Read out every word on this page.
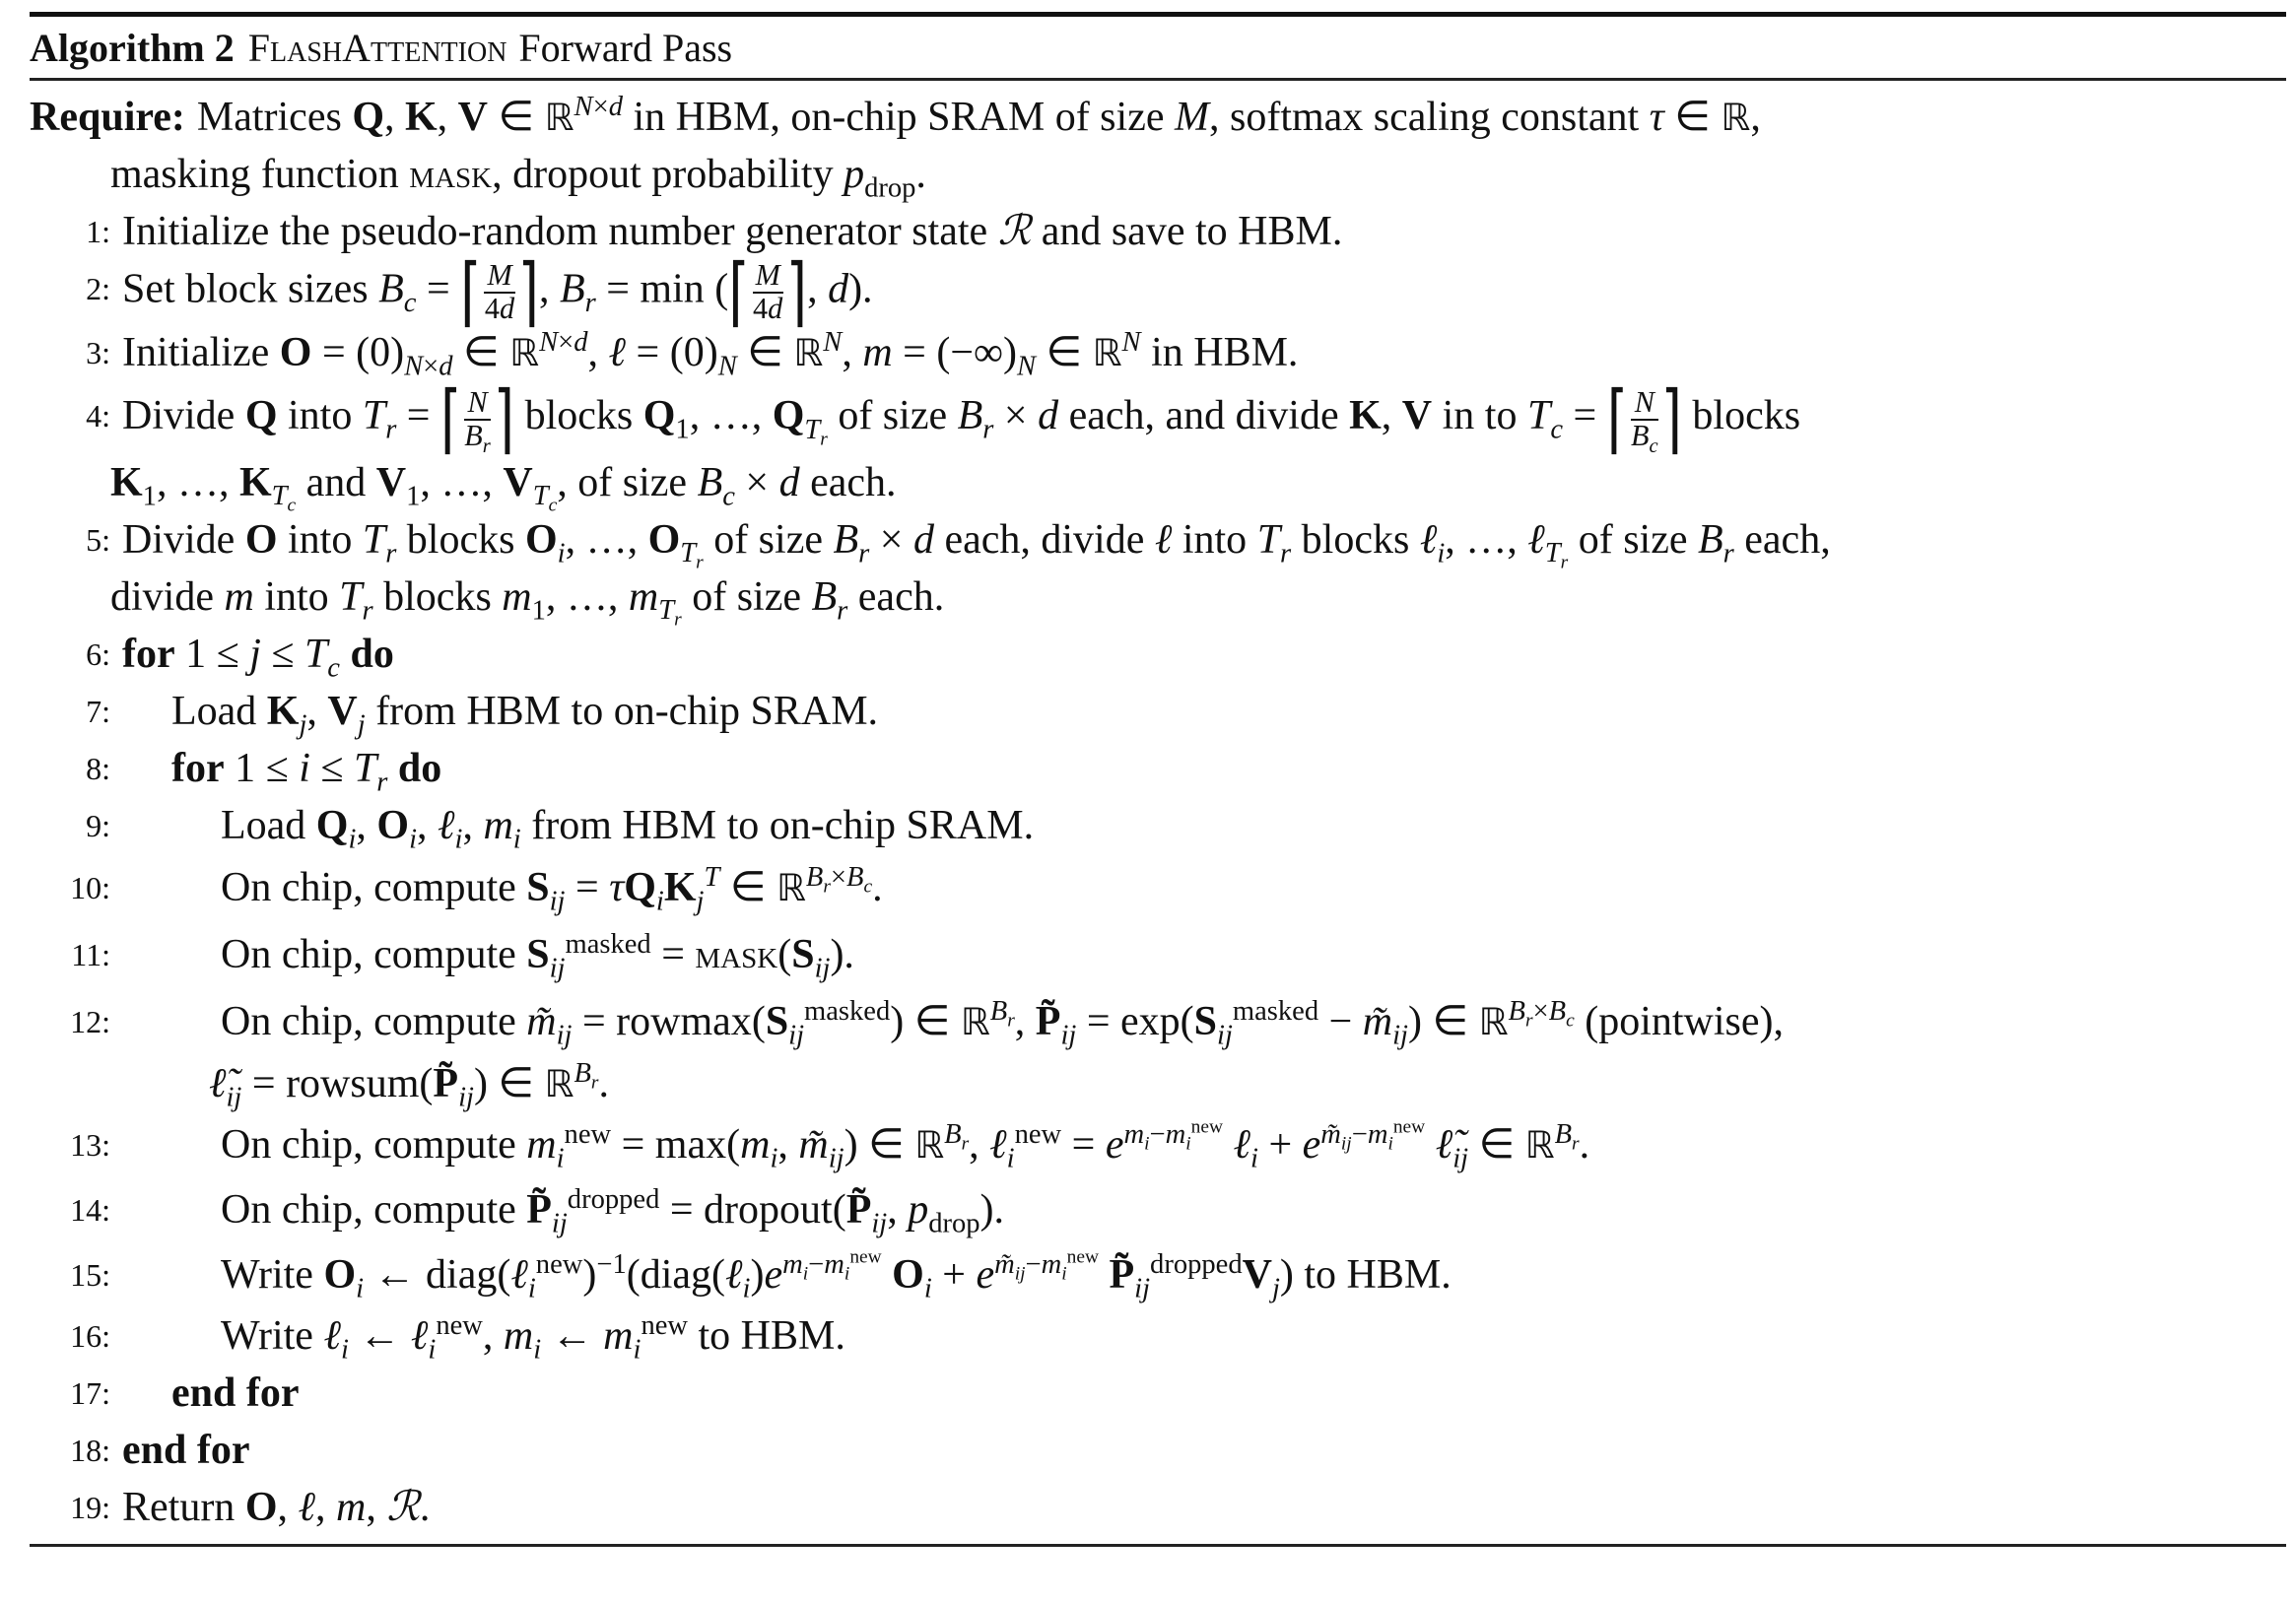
Algorithm 2 FlashAttention Forward Pass
Require: Matrices Q, K, V ∈ ℝ$^{N\times d}$ in HBM, on-chip SRAM of size M, softmax scaling constant τ ∈ ℝ,
masking function mask, dropout probability $p_{drop}$.
1: Initialize the pseudo-random number generator state ℛ and save to HBM.
2: Set block sizes $B_c$ = ⌈ $\frac{M}{4d}$ ⌉, $B_r = \min$ (⌈ $\frac{M}{4d}$ ⌉, d).
3: Initialize $O = (0)_{N\times d}$ ∈ ℝ$^{N\times d}$, ℓ = $(0)_N$ ∈ ℝ$^N$, $m = (-\infty)_N$ ∈ ℝ$^N$ in HBM.
4: Divide Q into $T_r$ = ⌈ $\frac{N}{B_r}$ ⌉ blocks $Q_1$, …, $Q_{T_r}$ of size $B_r \times d$ each, and divide K, V in to $T_c$ = ⌈ $\frac{N}{B_c}$ ⌉ blocks
$K_1$, …, $K_{T_c}$ and $V_1$, …, $V_{T_c}$, of size $B_c \times d$ each.
5: Divide O into $T_r$ blocks $O_i$, …, $O_{T_r}$ of size $B_r \times d$ each, divide ℓ into $T_r$ blocks ℓ$_i$, …, ℓ$_{T_r}$ of size $B_r$ each,
divide m into $T_r$ blocks $m_1$, …, $m_{T_r}$ of size $B_r$ each.
6: for $1 \le j \le T_c$ do
7:	Load $K_j$, $V_j$ from HBM to on-chip SRAM.
8:	for $1 \le i \le T_r$ do
9:	Load $Q_i$, $O_i$, ℓ$_i$, $m_i$ from HBM to on-chip SRAM.
10:	On chip, compute $S_{ij} = \tau Q_iK_j^T$ ∈ ℝ$^{B_r\times B_c}$.
11:	On chip, compute $S_{ij}^{masked}$ = $mask(S_{ij})$.
12:	On chip, compute $m̃_{ij} = rowmax(S_{ij}^{masked})$ ∈ ℝ$^{B_r}$, $P̃_{ij} = \exp(S_{ij}^{masked}$ − $m̃_{ij}$) ∈ ℝ$^{B_r\times B_c}$ (pointwise),
$\ell̃_{ij}$ = $rowsum(P̃_{ij})$ ∈ ℝ$^{B_r}$.
13:	On chip, compute $m_i^{new} = \max(m_i$, $m̃_{ij}$) ∈ ℝ$^{B_r}$, ℓ$_i^{new}$ = $e^{m_i-m_i^{new}}$ ℓ$_i$ + $e^{m̃_{ij}-m_i^{new}}$ $\ell̃_{ij}$ ∈ ℝ$^{B_r}$.
14:	On chip, compute $P̃_{ij}^{dropped}$ = $dropout(P̃_{ij}$, $p_{drop}$).
15:	Write $O_i$ ← $diag(\ell_i^{new})^{-1}(diag(\ell_i)e^{m_i-m_i^{new}}$ $O_i + e^{m̃_{ij}-m_i^{new}}$ $P̃_{ij}^{dropped}V_j$) to HBM.
16:	Write ℓ$_i$ ← ℓ$_i^{new}$, $m_i$ ← $m_i^{new}$ to HBM.
17:	end for
18: end for
19: Return O, ℓ, m, ℛ.
